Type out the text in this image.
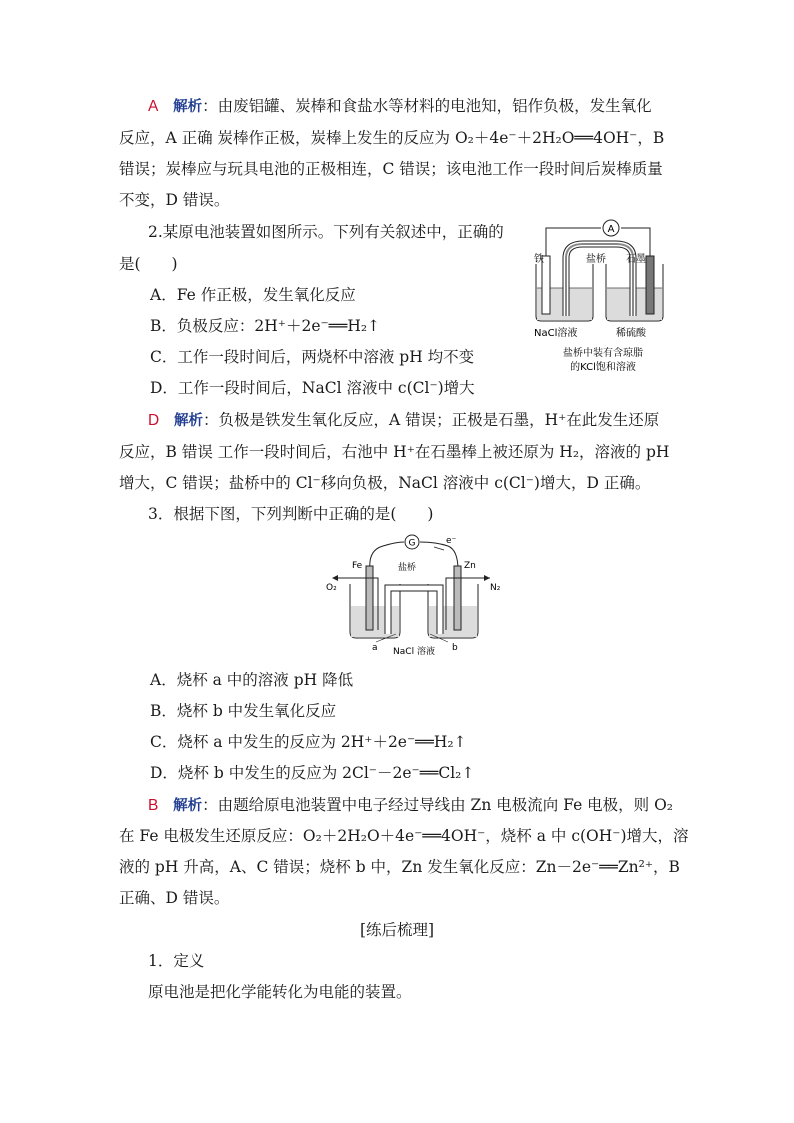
A 解析：由废铝罐、炭棒和食盐水等材料的电池知，铝作负极，发生氧化
反应，A 正确 炭棒作正极，炭棒上发生的反应为 O₂＋4e⁻＋2H₂O══4OH⁻，B
错误；炭棒应与玩具电池的正极相连，C 错误；该电池工作一段时间后炭棒质量
不变，D 错误。
2.某原电池装置如图所示。下列有关叙述中，正确的
是(　　)
A．Fe 作正极，发生氧化反应
B．负极反应：2H⁺＋2e⁻══H₂↑
C．工作一段时间后，两烧杯中溶液 pH 均不变
D．工作一段时间后，NaCl 溶液中 c(Cl⁻)增大
A
铁	盐桥 石墨
NaCl溶液	稀硫酸
盐桥中装有含琼脂
的KCl饱和溶液
D 解析：负极是铁发生氧化反应，A 错误；正极是石墨，H⁺在此发生还原
反应，B 错误 工作一段时间后，右池中 H⁺在石墨棒上被还原为 H₂，溶液的 pH
增大，C 错误；盐桥中的 Cl⁻移向负极，NaCl 溶液中 c(Cl⁻)增大，D 正确。
3．根据下图，下列判断中正确的是(　　)
G	e⁻
Fe	盐桥	Zn
O₂	N₂
a NaCl 溶液 b
A．烧杯 a 中的溶液 pH 降低
B．烧杯 b 中发生氧化反应
C．烧杯 a 中发生的反应为 2H⁺＋2e⁻══H₂↑
D．烧杯 b 中发生的反应为 2Cl⁻－2e⁻══Cl₂↑
B 解析：由题给原电池装置中电子经过导线由 Zn 电极流向 Fe 电极，则 O₂
在 Fe 电极发生还原反应：O₂＋2H₂O＋4e⁻══4OH⁻，烧杯 a 中 c(OH⁻)增大，溶
液的 pH 升高，A、C 错误；烧杯 b 中，Zn 发生氧化反应：Zn－2e⁻══Zn²⁺，B
正确、D 错误。
[练后梳理]
1．定义
原电池是把化学能转化为电能的装置。
